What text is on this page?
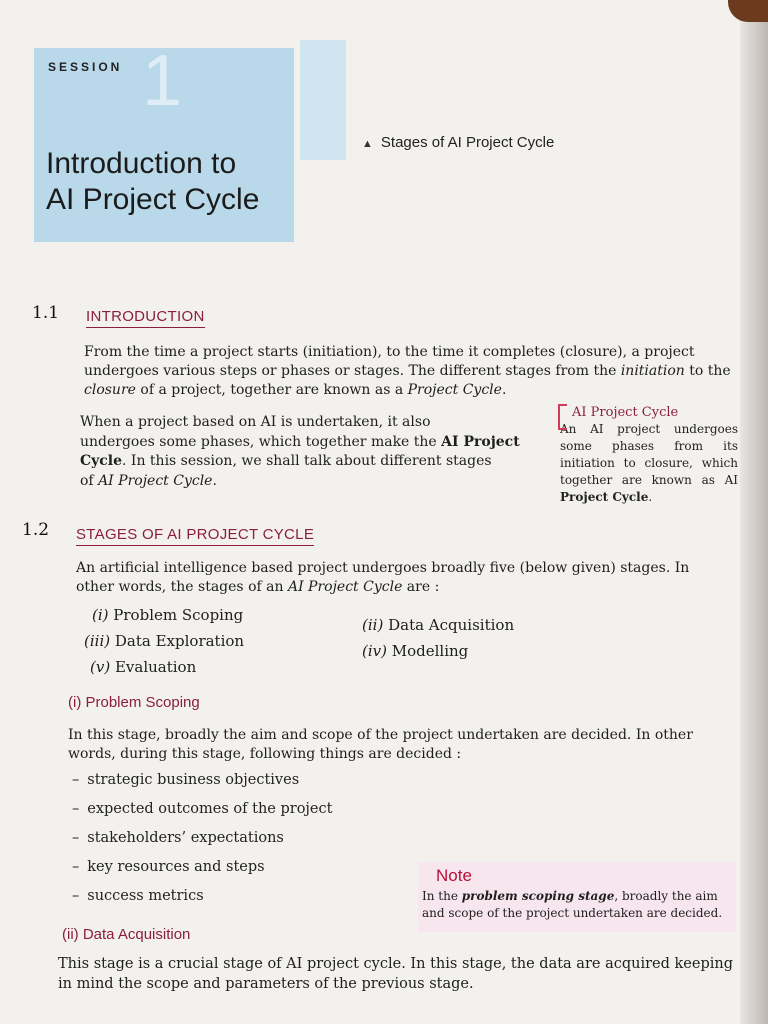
1
SESSION
Introduction to
AI Project Cycle
▲ Stages of AI Project Cycle
1.1 INTRODUCTION
From the time a project starts (initiation), to the time it completes (closure), a project
undergoes various steps or phases or stages. The different stages from the initiation to the
closure of a project, together are known as a Project Cycle.
When a project based on AI is undertaken, it also
undergoes some phases, which together make the AI Project
Cycle. In this session, we shall talk about different stages
of AI Project Cycle.
AI Project Cycle
An AI project undergoes some phases from its initiation to closure, which together are known as AI Project Cycle.
1.2 STAGES OF AI PROJECT CYCLE
An artificial intelligence based project undergoes broadly five (below given) stages. In
other words, the stages of an AI Project Cycle are :
(i) Problem Scoping
(ii) Data Acquisition
(iii) Data Exploration
(iv) Modelling
(v) Evaluation
(i) Problem Scoping
In this stage, broadly the aim and scope of the project undertaken are decided. In other
words, during this stage, following things are decided :
– strategic business objectives
– expected outcomes of the project
– stakeholders’ expectations
– key resources and steps
– success metrics
Note
In the problem scoping stage, broadly the aim and scope of the project undertaken are decided.
(ii) Data Acquisition
This stage is a crucial stage of AI project cycle. In this stage, the data are acquired keeping
in mind the scope and parameters of the previous stage.
